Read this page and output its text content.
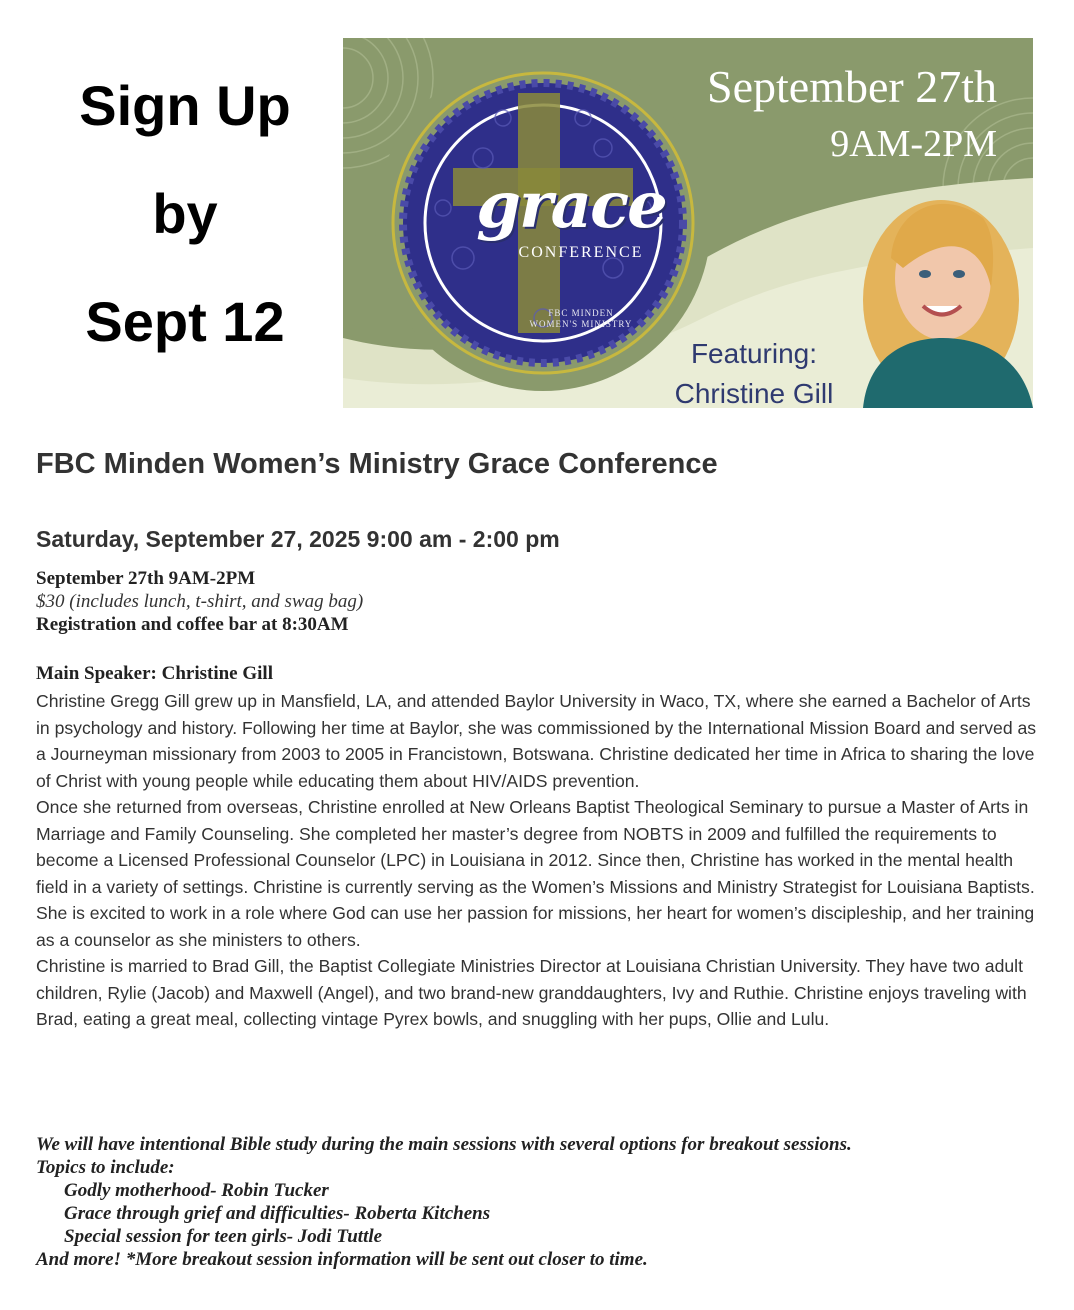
Sign Up
by
Sept 12
grace
CONFERENCE
FBC MINDEN
WOMEN'S MINISTRY
September 27th
9AM-2PM
Featuring:
Christine Gill
FBC Minden Women’s Ministry Grace Conference
Saturday, September 27, 2025 9:00 am - 2:00 pm
September 27th 9AM-2PM
$30 (includes lunch, t-shirt, and swag bag)
Registration and coffee bar at 8:30AM
Main Speaker: Christine Gill

Christine Gregg Gill grew up in Mansfield, LA, and attended Baylor University in Waco, TX, where she earned a Bachelor of Arts in psychology and history. Following her time at Baylor, she was commissioned by the International Mission Board and served as a Journeyman missionary from 2003 to 2005 in Francistown, Botswana. Christine dedicated her time in Africa to sharing the love of Christ with young people while educating them about HIV/AIDS prevention.

Once she returned from overseas, Christine enrolled at New Orleans Baptist Theological Seminary to pursue a Master of Arts in Marriage and Family Counseling. She completed her master’s degree from NOBTS in 2009 and fulfilled the requirements to become a Licensed Professional Counselor (LPC) in Louisiana in 2012. Since then, Christine has worked in the mental health field in a variety of settings. Christine is currently serving as the Women’s Missions and Ministry Strategist for Louisiana Baptists. She is excited to work in a role where God can use her passion for missions, her heart for women’s discipleship, and her training as a counselor as she ministers to others.

Christine is married to Brad Gill, the Baptist Collegiate Ministries Director at Louisiana Christian University. They have two adult children, Rylie (Jacob) and Maxwell (Angel), and two brand-new granddaughters, Ivy and Ruthie. Christine enjoys traveling with Brad, eating a great meal, collecting vintage Pyrex bowls, and snuggling with her pups, Ollie and Lulu.

We will have intentional Bible study during the main sessions with several options for breakout sessions.
Topics to include:
Godly motherhood- Robin Tucker
Grace through grief and difficulties- Roberta Kitchens
Special session for teen girls- Jodi Tuttle
And more! *More breakout session information will be sent out closer to time.
